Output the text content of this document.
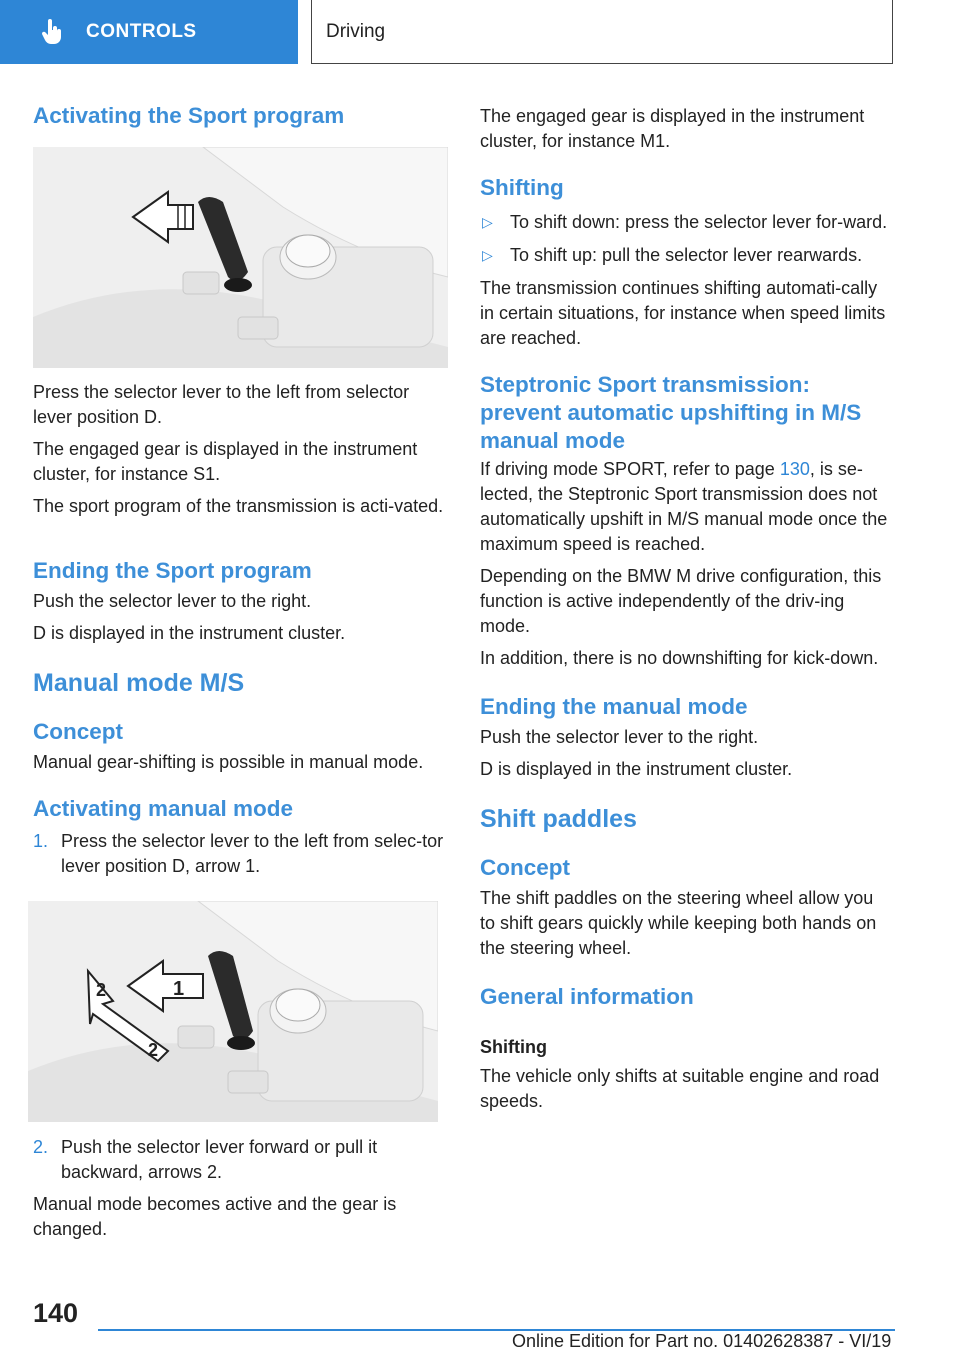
CONTROLS	Driving
Activating the Sport program

Press the selector lever to the left from selector lever position D.

The engaged gear is displayed in the instrument cluster, for instance S1.

The sport program of the transmission is acti‐vated.

Ending the Sport program

Push the selector lever to the right.

D is displayed in the instrument cluster.

Manual mode M/S
Concept

Manual gear-shifting is possible in manual mode.

Activating manual mode
1. Press the selector lever to the left from selec‐tor lever position D, arrow 1.
1
2
2
2. Push the selector lever forward or pull it backward, arrows 2.

Manual mode becomes active and the gear is changed.

The engaged gear is displayed in the instrument cluster, for instance M1.

Shifting
▷ To shift down: press the selector lever for‐ward.
▷ To shift up: pull the selector lever rearwards.

The transmission continues shifting automati‐cally in certain situations, for instance when speed limits are reached.

Steptronic Sport transmission: prevent automatic upshifting in M/S manual mode

If driving mode SPORT, refer to page 130, is se‐lected, the Steptronic Sport transmission does not automatically upshift in M/S manual mode once the maximum speed is reached.

Depending on the BMW M drive configuration, this function is active independently of the driv‐ing mode.

In addition, there is no downshifting for kick‐down.

Ending the manual mode

Push the selector lever to the right.

D is displayed in the instrument cluster.

Shift paddles
Concept

The shift paddles on the steering wheel allow you to shift gears quickly while keeping both hands on the steering wheel.

General information
Shifting

The vehicle only shifts at suitable engine and road speeds.

140
Online Edition for Part no. 01402628387 - VI/19
